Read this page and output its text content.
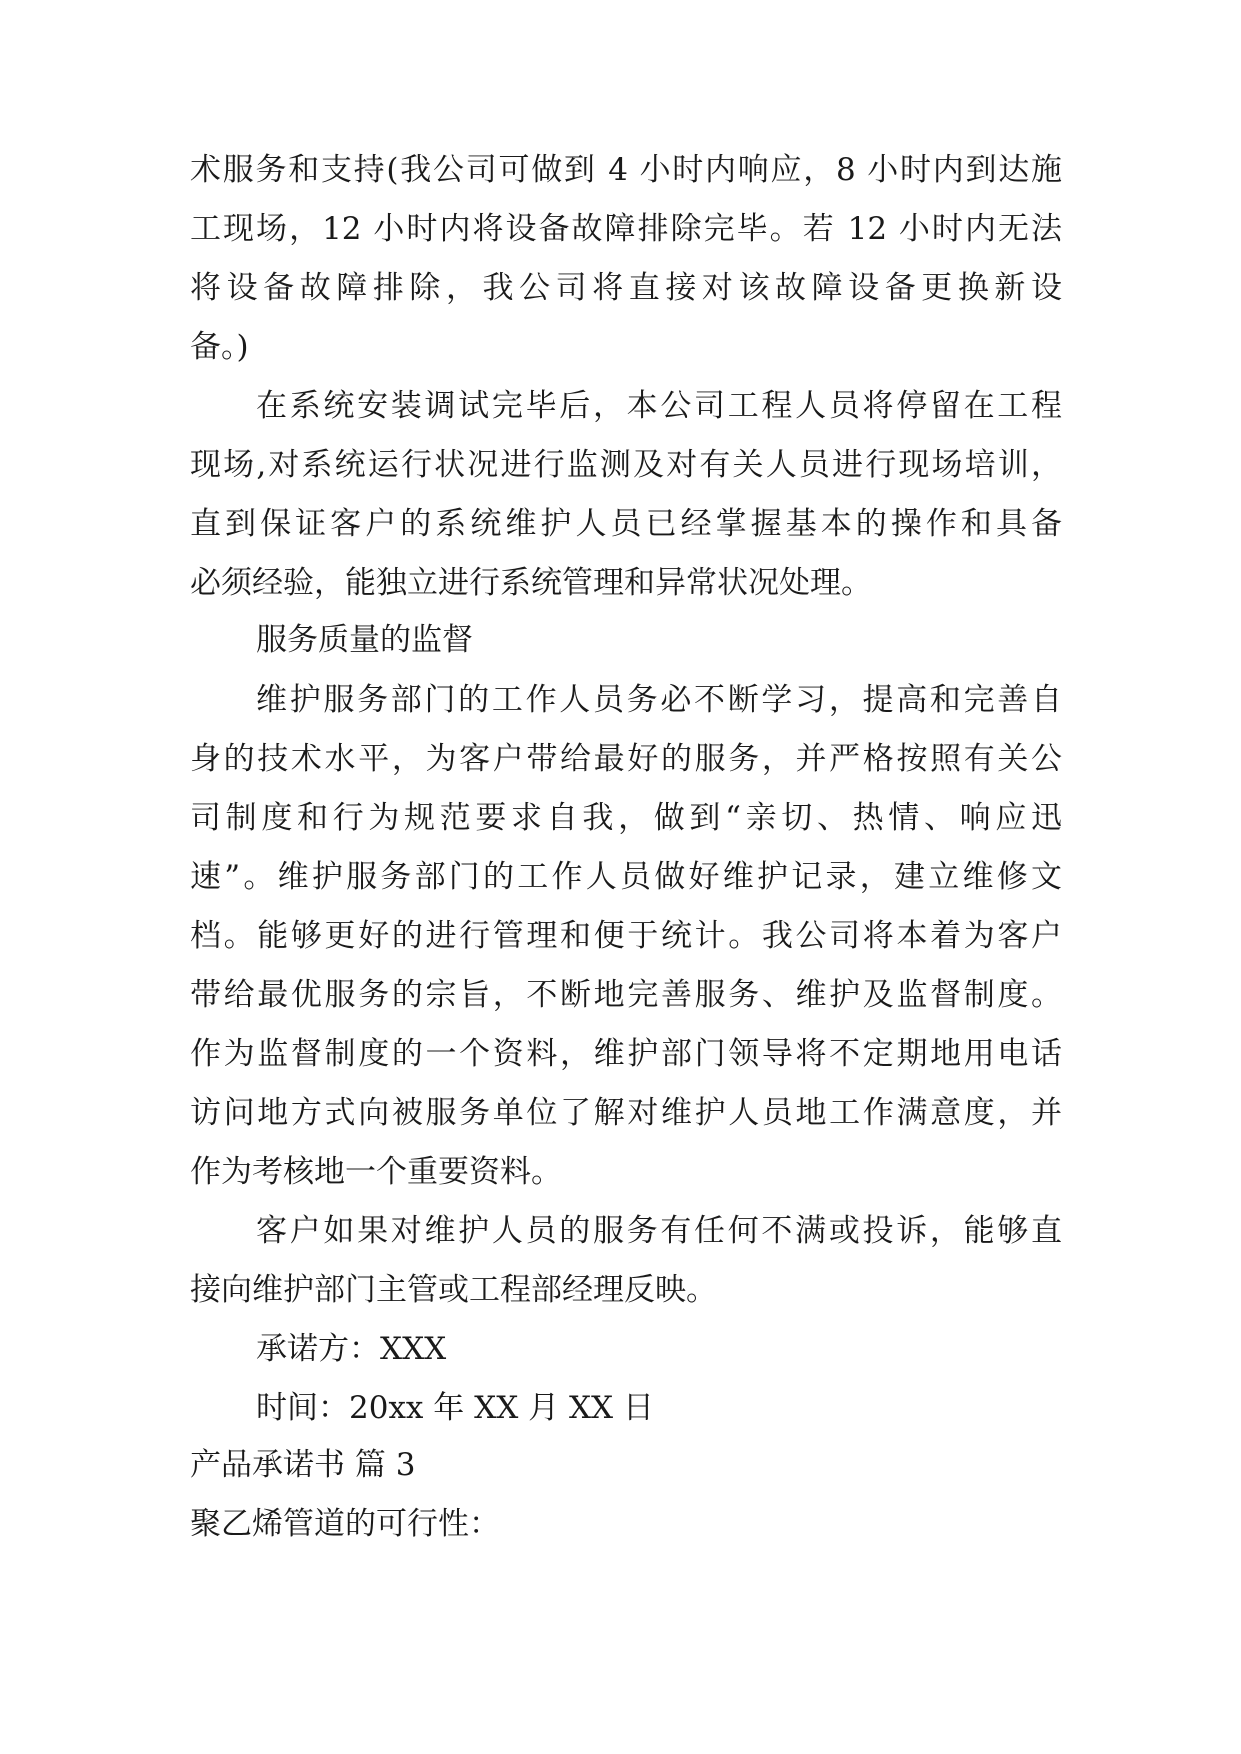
术服务和支持(我公司可做到 4 小时内响应，8 小时内到达施
工现场，12 小时内将设备故障排除完毕。若 12 小时内无法
将设备故障排除，我公司将直接对该故障设备更换新设
备。)
在系统安装调试完毕后，本公司工程人员将停留在工程
现场,对系统运行状况进行监测及对有关人员进行现场培训，
直到保证客户的系统维护人员已经掌握基本的操作和具备
必须经验，能独立进行系统管理和异常状况处理。
服务质量的监督
维护服务部门的工作人员务必不断学习，提高和完善自
身的技术水平，为客户带给最好的服务，并严格按照有关公
司制度和行为规范要求自我，做到“亲切、热情、响应迅
速”。维护服务部门的工作人员做好维护记录，建立维修文
档。能够更好的进行管理和便于统计。我公司将本着为客户
带给最优服务的宗旨，不断地完善服务、维护及监督制度。
作为监督制度的一个资料，维护部门领导将不定期地用电话
访问地方式向被服务单位了解对维护人员地工作满意度，并
作为考核地一个重要资料。
客户如果对维护人员的服务有任何不满或投诉，能够直
接向维护部门主管或工程部经理反映。
承诺方：XXX
时间：20xx 年 XX 月 XX 日
产品承诺书 篇 3
聚乙烯管道的可行性：
